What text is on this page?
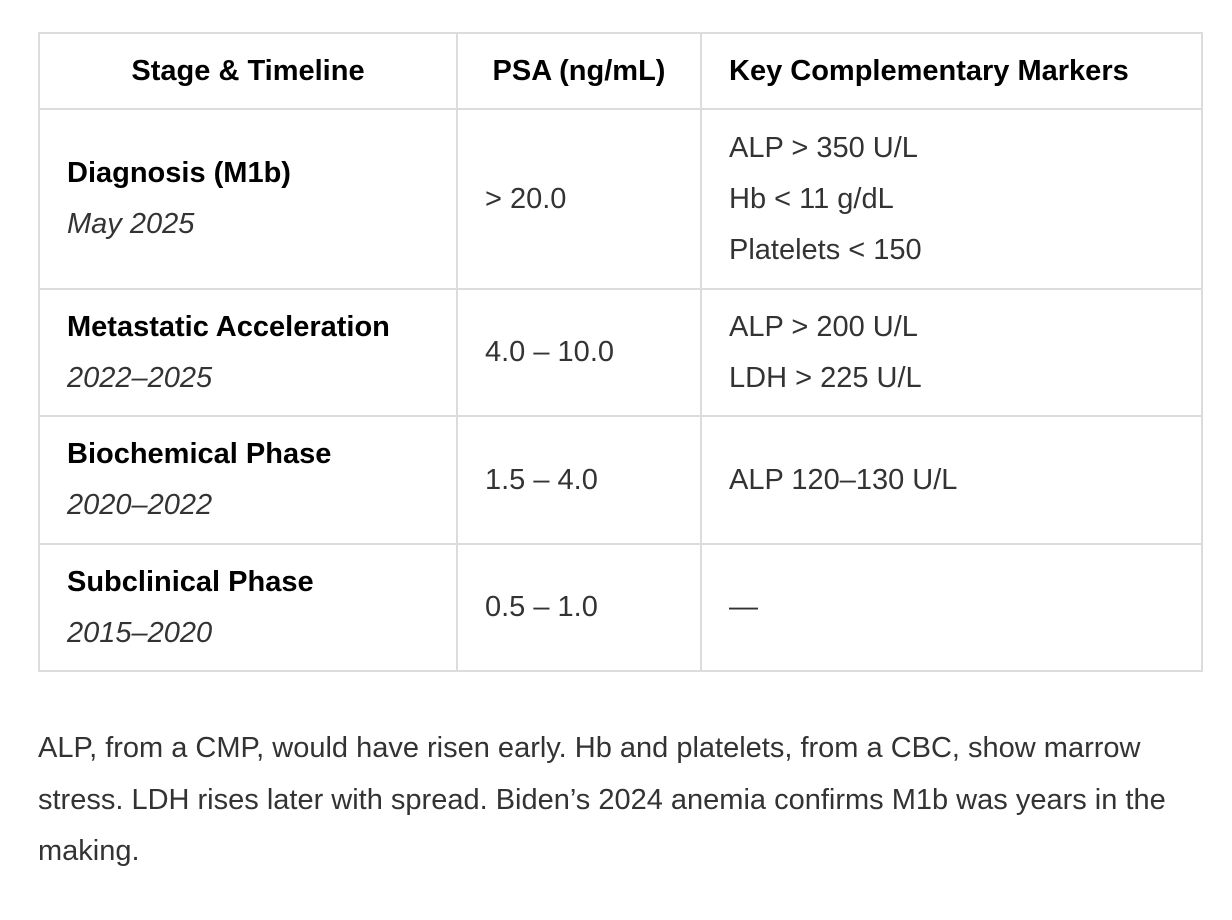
Stage & Timeline	PSA (ng/mL)	Key Complementary Markers

Diagnosis (M1b)
May 2025	> 20.0	ALP > 350 U/L
Hb < 11 g/dL
Platelets < 150

Metastatic Acceleration
2022–2025	4.0 – 10.0	ALP > 200 U/L
LDH > 225 U/L

Biochemical Phase
2020–2022	1.5 – 4.0	ALP 120–130 U/L

Subclinical Phase
2015–2020	0.5 – 1.0	—

ALP, from a CMP, would have risen early. Hb and platelets, from a CBC, show marrow stress. LDH rises later with spread. Biden’s 2024 anemia confirms M1b was years in the making.
